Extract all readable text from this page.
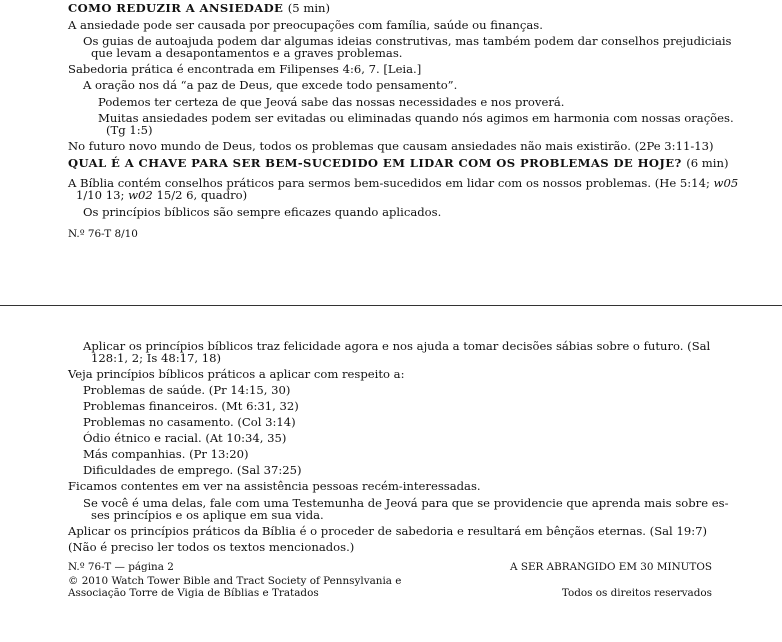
COMO REDUZIR A ANSIEDADE (5 min)
A ansiedade pode ser causada por preocupações com família, saúde ou finanças.
Os guias de autoajuda podem dar algumas ideias construtivas, mas também podem dar conselhos prejudiciais
que levam a desapontamentos e a graves problemas.
Sabedoria prática é encontrada em Filipenses 4:6, 7. [Leia.]
A oração nos dá “a paz de Deus, que excede todo pensamento”.
Podemos ter certeza de que Jeová sabe das nossas necessidades e nos proverá.
Muitas ansiedades podem ser evitadas ou eliminadas quando nós agimos em harmonia com nossas orações.
(Tg 1:5)
No futuro novo mundo de Deus, todos os problemas que causam ansiedades não mais existirão. (2Pe 3:11-13)
QUAL É A CHAVE PARA SER BEM-SUCEDIDO EM LIDAR COM OS PROBLEMAS DE HOJE? (6 min)
A Bíblia contém conselhos práticos para sermos bem-sucedidos em lidar com os nossos problemas. (He 5:14; w05
1/10 13; w02 15/2 6, quadro)
Os princípios bíblicos são sempre eficazes quando aplicados.
N.º 76-T 8/10
Aplicar os princípios bíblicos traz felicidade agora e nos ajuda a tomar decisões sábias sobre o futuro. (Sal
128:1, 2; Is 48:17, 18)
Veja princípios bíblicos práticos a aplicar com respeito a:
Problemas de saúde. (Pr 14:15, 30)
Problemas financeiros. (Mt 6:31, 32)
Problemas no casamento. (Col 3:14)
Ódio étnico e racial. (At 10:34, 35)
Más companhias. (Pr 13:20)
Dificuldades de emprego. (Sal 37:25)
Ficamos contentes em ver na assistência pessoas recém-interessadas.
Se você é uma delas, fale com uma Testemunha de Jeová para que se providencie que aprenda mais sobre es-
ses princípios e os aplique em sua vida.
Aplicar os princípios práticos da Bíblia é o proceder de sabedoria e resultará em bênçãos eternas. (Sal 19:7)
(Não é preciso ler todos os textos mencionados.)
N.º 76-T — página 2
© 2010 Watch Tower Bible and Tract Society of Pennsylvania e
Associação Torre de Vigia de Bíblias e Tratados
A SER ABRANGIDO EM 30 MINUTOS
Todos os direitos reservados
